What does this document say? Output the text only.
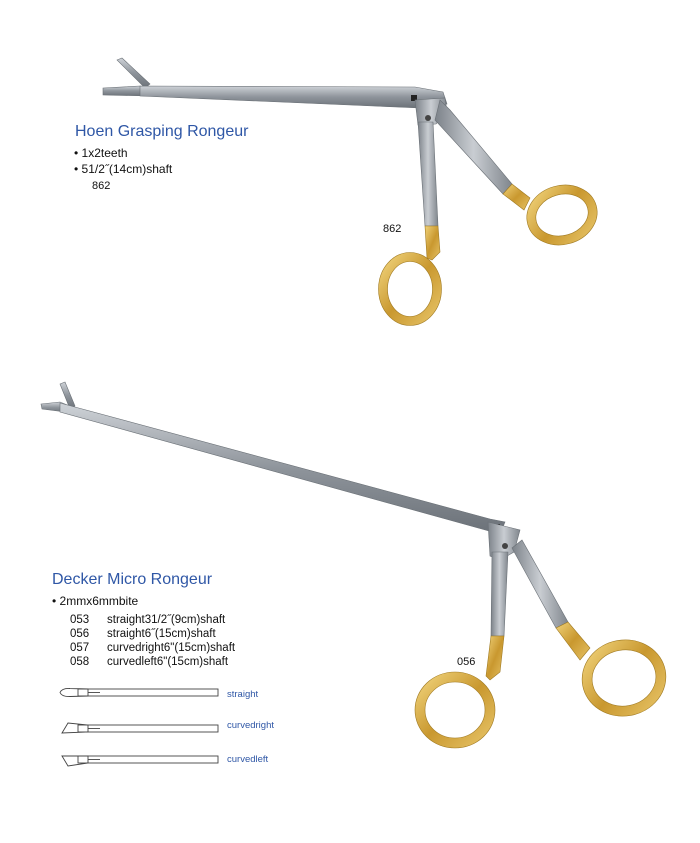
Hoen Grasping Rongeur
• 1x2teeth
• 51/2˝(14cm)shaft
862
862
Decker Micro Rongeur
• 2mmx6mmbite
053 straight31/2˝(9cm)shaft
056 straight6˝(15cm)shaft
057 curvedright6"(15cm)shaft
058 curvedleft6"(15cm)shaft	056
straight
curvedright
curvedleft
